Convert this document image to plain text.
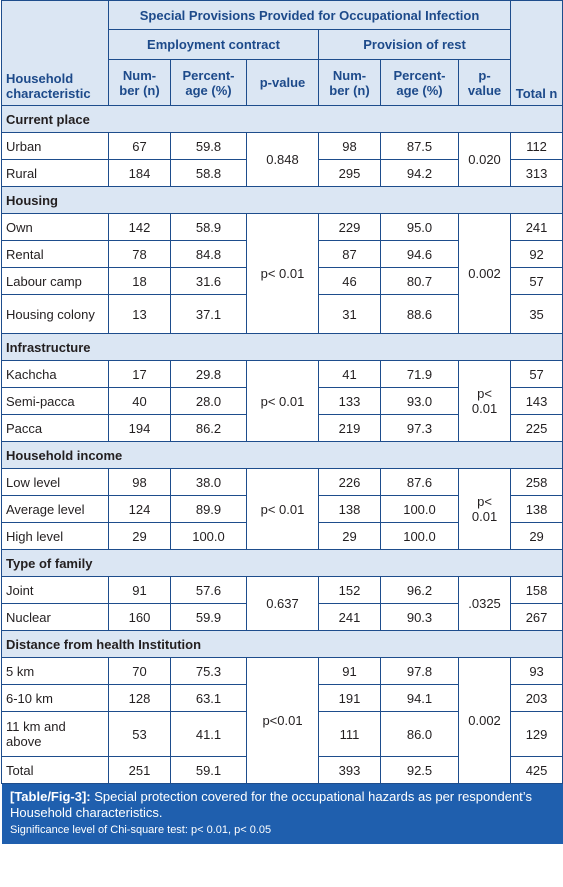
Household characteristic	Special Provisions Provided for Occupational Infection						Total n
	Employment contract			Provision of rest			
	Num-ber (n)	Percent-age (%)	p-value	Num-ber (n)	Percent-age (%)	p-value	
Current place							
Urban	67	59.8	0.848	98	87.5	0.020	112
Rural	184	58.8		295	94.2		313
Housing							
Own	142	58.9	p< 0.01	229	95.0	0.002	241
Rental	78	84.8		87	94.6		92
Labour camp	18	31.6		46	80.7		57
Housing colony	13	37.1		31	88.6		35
Infrastructure							
Kachcha	17	29.8	p< 0.01	41	71.9	p< 0.01	57
Semi-pacca	40	28.0		133	93.0		143
Pacca	194	86.2		219	97.3		225
Household income							
Low level	98	38.0	p< 0.01	226	87.6	p< 0.01	258
Average level	124	89.9		138	100.0		138
High level	29	100.0		29	100.0		29
Type of family							
Joint	91	57.6	0.637	152	96.2	.0325	158
Nuclear	160	59.9		241	90.3		267
Distance from health Institution							
5 km	70	75.3	p<0.01	91	97.8	0.002	93
6-10 km	128	63.1		191	94.1		203
11 km and above	53	41.1		111	86.0		129
Total	251	59.1		393	92.5		425
[Table/Fig-3]: Special protection covered for the occupational hazards as per respondent’s Household characteristics.
Significance level of Chi-square test: p< 0.01, p< 0.05
